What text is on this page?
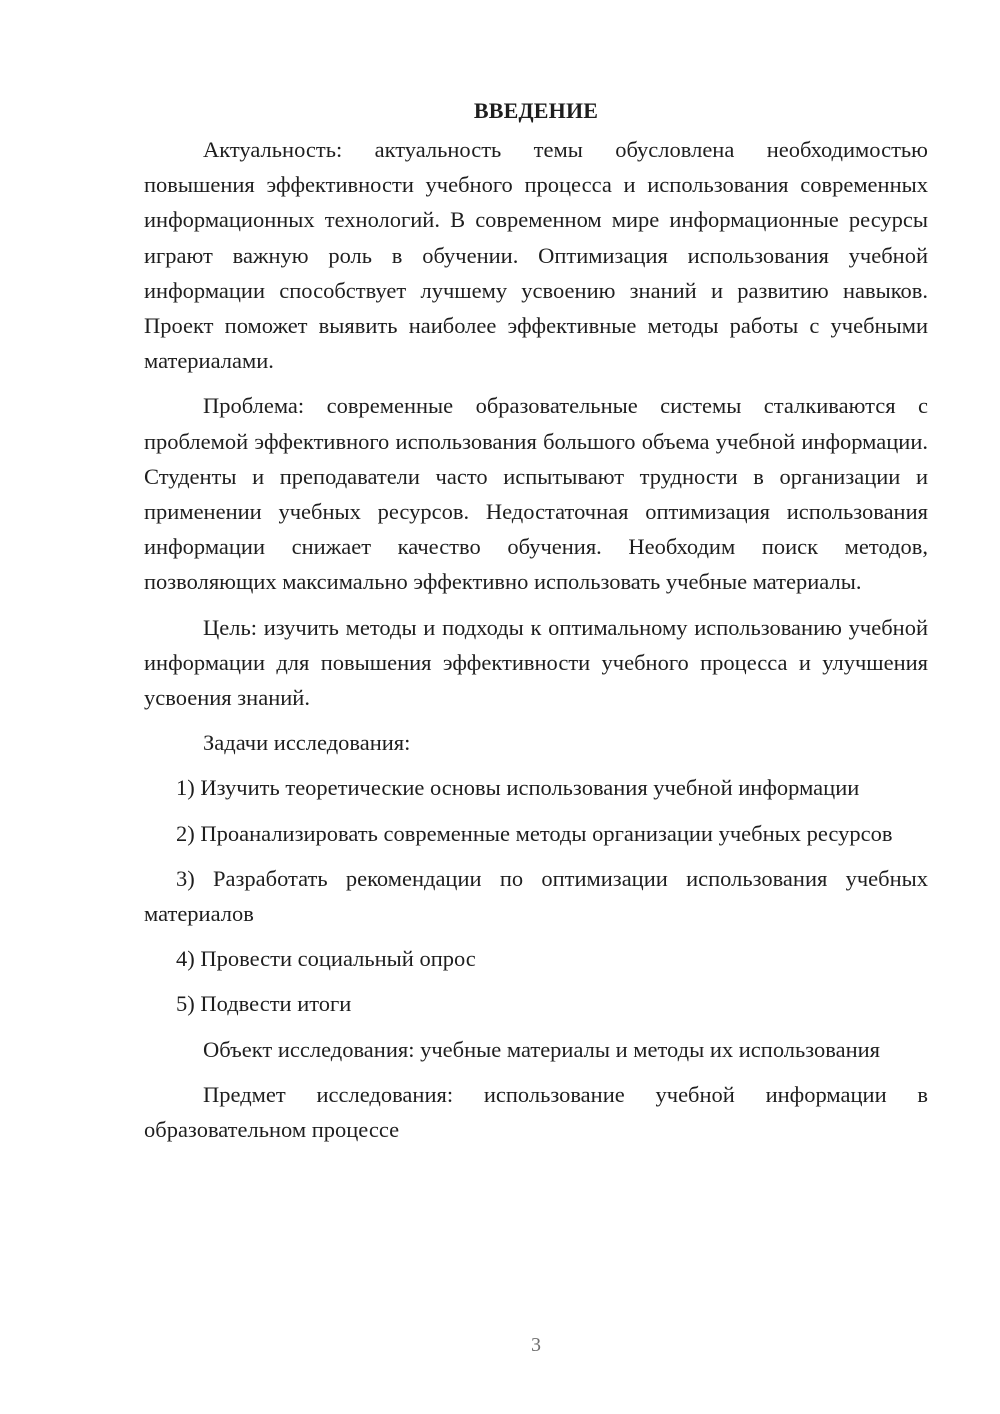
ВВЕДЕНИЕ

Актуальность: актуальность темы обусловлена необходимостью повышения эффективности учебного процесса и использования современных информационных технологий. В современном мире информационные ресурсы играют важную роль в обучении. Оптимизация использования учебной информации способствует лучшему усвоению знаний и развитию навыков. Проект поможет выявить наиболее эффективные методы работы с учебными материалами.

Проблема: современные образовательные системы сталкиваются с проблемой эффективного использования большого объема учебной информации. Студенты и преподаватели часто испытывают трудности в организации и применении учебных ресурсов. Недостаточная оптимизация использования информации снижает качество обучения. Необходим поиск методов, позволяющих максимально эффективно использовать учебные материалы.

Цель: изучить методы и подходы к оптимальному использованию учебной информации для повышения эффективности учебного процесса и улучшения усвоения знаний.

Задачи исследования:

1) Изучить теоретические основы использования учебной информации

2) Проанализировать современные методы организации учебных ресурсов

3) Разработать рекомендации по оптимизации использования учебных материалов

4) Провести социальный опрос

5) Подвести итоги

Объект исследования: учебные материалы и методы их использования

Предмет исследования: использование учебной информации в образовательном процессе

3
